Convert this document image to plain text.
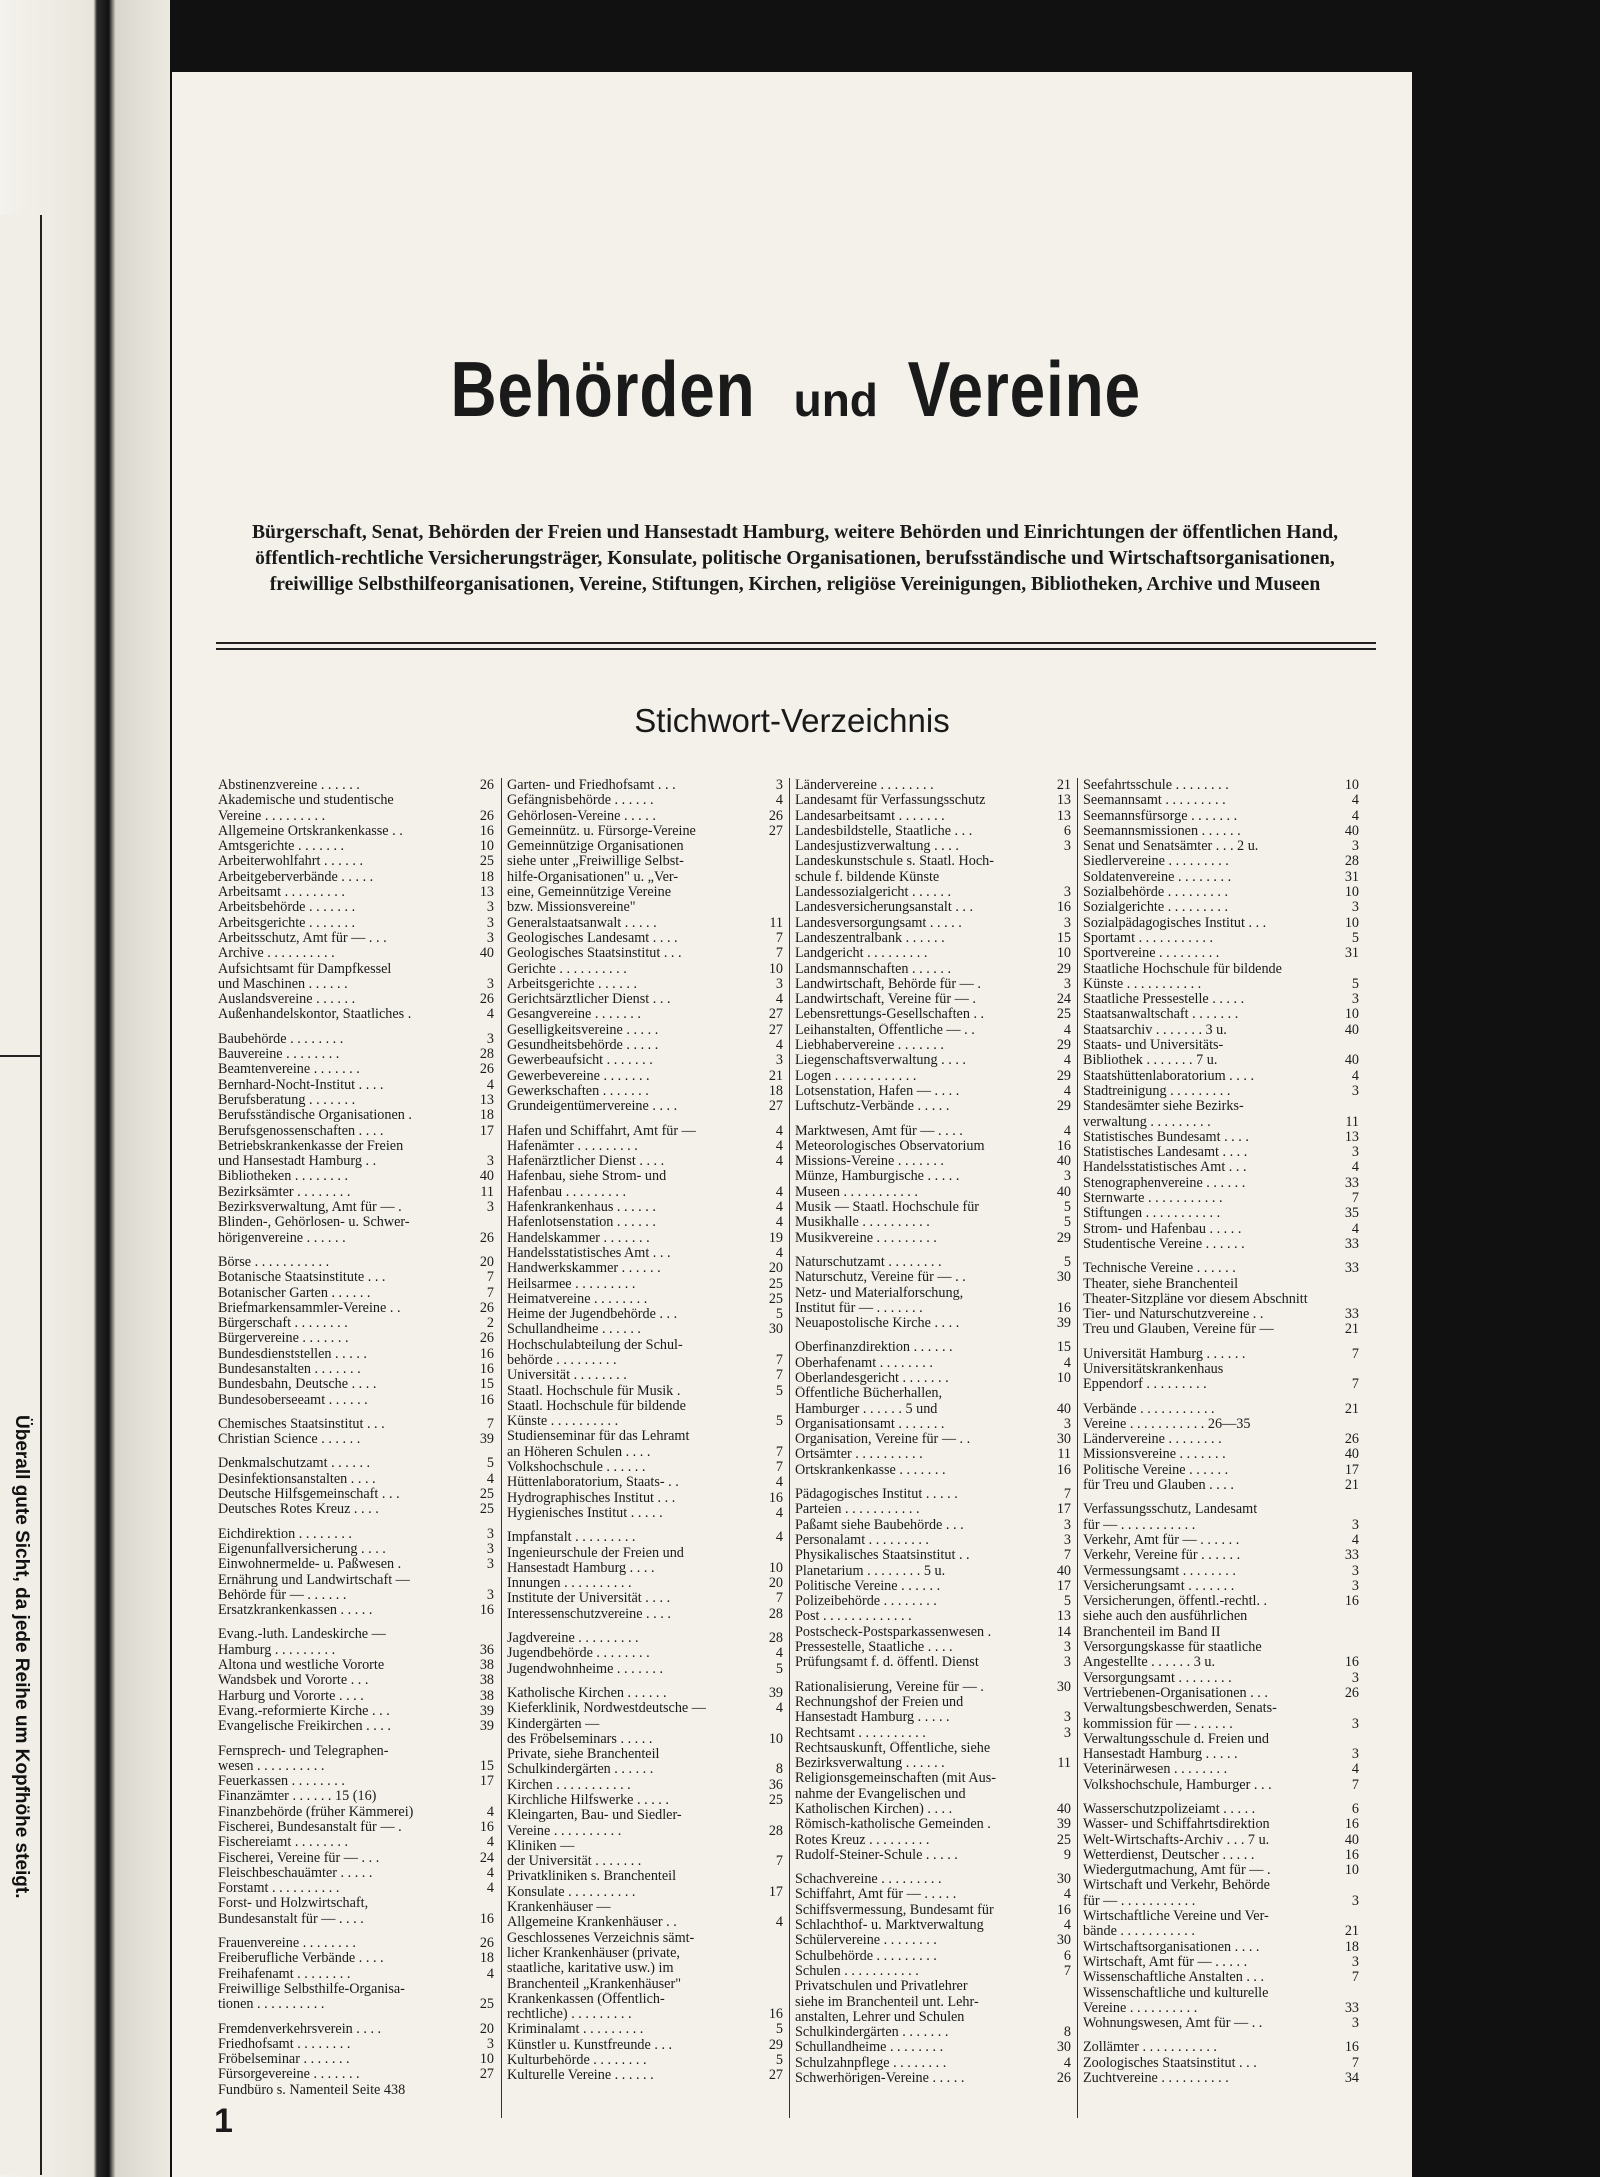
Überall gute Sicht, da jede Reihe um Kopfhöhe steigt.
Behörden und Vereine
Bürgerschaft, Senat, Behörden der Freien und Hansestadt Hamburg, weitere Behörden und Einrichtungen der öffentlichen Hand, öffentlich-rechtliche Versicherungsträger, Konsulate, politische Organisationen, berufsständische und Wirtschaftsorganisationen, freiwillige Selbsthilfeorganisationen, Vereine, Stiftungen, Kirchen, religiöse Vereinigungen, Bibliotheken, Archive und Museen
Stichwort-Verzeichnis
Abstinenzvereine . . . . . .	26
Akademische und studentische
Vereine . . . . . . . . .	26
Allgemeine Ortskrankenkasse . .	16
Amtsgerichte . . . . . . .	10
Arbeiterwohlfahrt . . . . . .	25
Arbeitgeberverbände . . . . .	18
Arbeitsamt . . . . . . . . .	13
Arbeitsbehörde . . . . . . .	3
Arbeitsgerichte . . . . . . .	3
Arbeitsschutz, Amt für — . . .	3
Archive . . . . . . . . . .	40
Aufsichtsamt für Dampfkessel
und Maschinen . . . . . .	3
Auslandsvereine . . . . . .	26
Außenhandelskontor, Staatliches .	4
Baubehörde . . . . . . . .	3
Bauvereine . . . . . . . .	28
Beamtenvereine . . . . . . .	26
Bernhard-Nocht-Institut . . . .	4
Berufsberatung . . . . . . .	13
Berufsständische Organisationen .	18
Berufsgenossenschaften . . . .	17
Betriebskrankenkasse der Freien
und Hansestadt Hamburg . .	3
Bibliotheken . . . . . . . .	40
Bezirksämter . . . . . . . .	11
Bezirksverwaltung, Amt für — .	3
Blinden-, Gehörlosen- u. Schwer-
hörigenvereine . . . . . .	26
Börse . . . . . . . . . . .	20
Botanische Staatsinstitute . . .	7
Botanischer Garten . . . . . .	7
Briefmarkensammler-Vereine . .	26
Bürgerschaft . . . . . . . .	2
Bürgervereine . . . . . . .	26
Bundesdienststellen . . . . .	16
Bundesanstalten . . . . . . .	16
Bundesbahn, Deutsche . . . .	15
Bundesoberseeamt . . . . . .	16
Chemisches Staatsinstitut . . .	7
Christian Science . . . . . .	39
Denkmalschutzamt . . . . . .	5
Desinfektionsanstalten . . . .	4
Deutsche Hilfsgemeinschaft . . .	25
Deutsches Rotes Kreuz . . . .	25
Eichdirektion . . . . . . . .	3
Eigenunfallversicherung . . . .	3
Einwohnermelde- u. Paßwesen .	3
Ernährung und Landwirtschaft —
Behörde für — . . . . . .	3
Ersatzkrankenkassen . . . . .	16
Evang.-luth. Landeskirche —
Hamburg . . . . . . . . .	36
Altona und westliche Vororte	38
Wandsbek und Vororte . . .	38
Harburg und Vororte . . . .	38
Evang.-reformierte Kirche . . .	39
Evangelische Freikirchen . . . .	39
Fernsprech- und Telegraphen-
wesen . . . . . . . . . .	15
Feuerkassen . . . . . . . .	17
Finanzämter . . . . . . 15 (16)
Finanzbehörde (früher Kämmerei)	4
Fischerei, Bundesanstalt für — .	16
Fischereiamt . . . . . . . .	4
Fischerei, Vereine für — . . .	24
Fleischbeschauämter . . . . .	4
Forstamt . . . . . . . . . .	4
Forst- und Holzwirtschaft,
Bundesanstalt für — . . . .	16
Frauenvereine . . . . . . . .	26
Freiberufliche Verbände . . . .	18
Freihafenamt . . . . . . . .	4
Freiwillige Selbsthilfe-Organisa-
tionen . . . . . . . . . .	25
Fremdenverkehrsverein . . . .	20
Friedhofsamt . . . . . . . .	3
Fröbelseminar . . . . . . .	10
Fürsorgevereine . . . . . . .	27
Fundbüro s. Namenteil Seite 438
Garten- und Friedhofsamt . . .	3
Gefängnisbehörde . . . . . .	4
Gehörlosen-Vereine . . . . .	26
Gemeinnütz. u. Fürsorge-Vereine	27
Gemeinnützige Organisationen
siehe unter „Freiwillige Selbst-
hilfe-Organisationen" u. „Ver-
eine, Gemeinnützige Vereine
bzw. Missionsvereine"
Generalstaatsanwalt . . . . .	11
Geologisches Landesamt . . . .	7
Geologisches Staatsinstitut . . .	7
Gerichte . . . . . . . . . .	10
Arbeitsgerichte . . . . . .	3
Gerichtsärztlicher Dienst . . .	4
Gesangvereine . . . . . . .	27
Geselligkeitsvereine . . . . .	27
Gesundheitsbehörde . . . . .	4
Gewerbeaufsicht . . . . . . .	3
Gewerbevereine . . . . . . .	21
Gewerkschaften . . . . . . .	18
Grundeigentümervereine . . . .	27
Hafen und Schiffahrt, Amt für —	4
Hafenämter . . . . . . . . .	4
Hafenärztlicher Dienst . . . .	4
Hafenbau, siehe Strom- und
Hafenbau . . . . . . . . .	4
Hafenkrankenhaus . . . . . .	4
Hafenlotsenstation . . . . . .	4
Handelskammer . . . . . . .	19
Handelsstatistisches Amt . . .	4
Handwerkskammer . . . . . .	20
Heilsarmee . . . . . . . . .	25
Heimatvereine . . . . . . . .	25
Heime der Jugendbehörde . . .	5
Schullandheime . . . . . .	30
Hochschulabteilung der Schul-
behörde . . . . . . . . .	7
Universität . . . . . . . .	7
Staatl. Hochschule für Musik .	5
Staatl. Hochschule für bildende
Künste . . . . . . . . . .	5
Studienseminar für das Lehramt
an Höheren Schulen . . . .	7
Volkshochschule . . . . . .	7
Hüttenlaboratorium, Staats- . .	4
Hydrographisches Institut . . .	16
Hygienisches Institut . . . . .	4
Impfanstalt . . . . . . . . .	4
Ingenieurschule der Freien und
Hansestadt Hamburg . . . .	10
Innungen . . . . . . . . . .	20
Institute der Universität . . . .	7
Interessenschutzvereine . . . .	28
Jagdvereine . . . . . . . . .	28
Jugendbehörde . . . . . . . .	4
Jugendwohnheime . . . . . . .	5
Katholische Kirchen . . . . . .	39
Kieferklinik, Nordwestdeutsche —	4
Kindergärten —
des Fröbelseminars . . . . .	10
Private, siehe Branchenteil
Schulkindergärten . . . . . .	8
Kirchen . . . . . . . . . . .	36
Kirchliche Hilfswerke . . . . .	25
Kleingarten, Bau- und Siedler-
Vereine . . . . . . . . . .	28
Kliniken —
der Universität . . . . . . .	7
Privatkliniken s. Branchenteil
Konsulate . . . . . . . . . .	17
Krankenhäuser —
Allgemeine Krankenhäuser . .	4
Geschlossenes Verzeichnis sämt-
licher Krankenhäuser (private,
staatliche, karitative usw.) im
Branchenteil „Krankenhäuser"
Krankenkassen (Öffentlich-
rechtliche) . . . . . . . . .	16
Kriminalamt . . . . . . . . .	5
Künstler u. Kunstfreunde . . .	29
Kulturbehörde . . . . . . . .	5
Kulturelle Vereine . . . . . .	27
Ländervereine . . . . . . . .	21
Landesamt für Verfassungsschutz	13
Landesarbeitsamt . . . . . . .	13
Landesbildstelle, Staatliche . . .	6
Landesjustizverwaltung . . . .	3
Landeskunstschule s. Staatl. Hoch-
schule f. bildende Künste
Landessozialgericht . . . . . .	3
Landesversicherungsanstalt . . .	16
Landesversorgungsamt . . . . .	3
Landeszentralbank . . . . . .	15
Landgericht . . . . . . . . .	10
Landsmannschaften . . . . . .	29
Landwirtschaft, Behörde für — .	3
Landwirtschaft, Vereine für — .	24
Lebensrettungs-Gesellschaften . .	25
Leihanstalten, Öffentliche — . .	4
Liebhabervereine . . . . . . .	29
Liegenschaftsverwaltung . . . .	4
Logen . . . . . . . . . . . .	29
Lotsenstation, Hafen — . . . .	4
Luftschutz-Verbände . . . . .	29
Marktwesen, Amt für — . . . .	4
Meteorologisches Observatorium	16
Missions-Vereine . . . . . . .	40
Münze, Hamburgische . . . . .	3
Museen . . . . . . . . . . .	40
Musik — Staatl. Hochschule für	5
Musikhalle . . . . . . . . . .	5
Musikvereine . . . . . . . . .	29
Naturschutzamt . . . . . . . .	5
Naturschutz, Vereine für — . .	30
Netz- und Materialforschung,
Institut für — . . . . . . .	16
Neuapostolische Kirche . . . .	39
Oberfinanzdirektion . . . . . .	15
Oberhafenamt . . . . . . . .	4
Oberlandesgericht . . . . . . .	10
Öffentliche Bücherhallen,
Hamburger . . . . . . 5 und	40
Organisationsamt . . . . . . .	3
Organisation, Vereine für — . .	30
Ortsämter . . . . . . . . . .	11
Ortskrankenkasse . . . . . . .	16
Pädagogisches Institut . . . . .	7
Parteien . . . . . . . . . . .	17
Paßamt siehe Baubehörde . . .	3
Personalamt . . . . . . . . .	3
Physikalisches Staatsinstitut . .	7
Planetarium . . . . . . . . 5 u.	40
Politische Vereine . . . . . .	17
Polizeibehörde . . . . . . . .	5
Post . . . . . . . . . . . . .	13
Postscheck-Postsparkassenwesen .	14
Pressestelle, Staatliche . . . .	3
Prüfungsamt f. d. öffentl. Dienst	3
Rationalisierung, Vereine für — .	30
Rechnungshof der Freien und
Hansestadt Hamburg . . . . .	3
Rechtsamt . . . . . . . . . .	3
Rechtsauskunft, Öffentliche, siehe
Bezirksverwaltung . . . . . .	11
Religionsgemeinschaften (mit Aus-
nahme der Evangelischen und
Katholischen Kirchen) . . . .	40
Römisch-katholische Gemeinden .	39
Rotes Kreuz . . . . . . . . .	25
Rudolf-Steiner-Schule . . . . .	9
Schachvereine . . . . . . . . .	30
Schiffahrt, Amt für — . . . . .	4
Schiffsvermessung, Bundesamt für	16
Schlachthof- u. Marktverwaltung	4
Schülervereine . . . . . . . .	30
Schulbehörde . . . . . . . . .	6
Schulen . . . . . . . . . . .	7
Privatschulen und Privatlehrer
siehe im Branchenteil unt. Lehr-
anstalten, Lehrer und Schulen
Schulkindergärten . . . . . . .	8
Schullandheime . . . . . . . .	30
Schulzahnpflege . . . . . . . .	4
Schwerhörigen-Vereine . . . . .	26
Seefahrtsschule . . . . . . . .	10
Seemannsamt . . . . . . . . .	4
Seemannsfürsorge . . . . . . .	4
Seemannsmissionen . . . . . .	40
Senat und Senatsämter . . . 2 u.	3
Siedlervereine . . . . . . . . .	28
Soldatenvereine . . . . . . . .	31
Sozialbehörde . . . . . . . . .	10
Sozialgerichte . . . . . . . . .	3
Sozialpädagogisches Institut . . .	10
Sportamt . . . . . . . . . . .	5
Sportvereine . . . . . . . . .	31
Staatliche Hochschule für bildende
Künste . . . . . . . . . . .	5
Staatliche Pressestelle . . . . .	3
Staatsanwaltschaft . . . . . . .	10
Staatsarchiv . . . . . . . 3 u.	40
Staats- und Universitäts-
Bibliothek . . . . . . . 7 u.	40
Staatshüttenlaboratorium . . . .	4
Stadtreinigung . . . . . . . . .	3
Standesämter siehe Bezirks-
verwaltung . . . . . . . . .	11
Statistisches Bundesamt . . . .	13
Statistisches Landesamt . . . .	3
Handelsstatistisches Amt . . .	4
Stenographenvereine . . . . . .	33
Sternwarte . . . . . . . . . . .	7
Stiftungen . . . . . . . . . . .	35
Strom- und Hafenbau . . . . .	4
Studentische Vereine . . . . . .	33
Technische Vereine . . . . . .	33
Theater, siehe Branchenteil
Theater-Sitzpläne vor diesem Abschnitt
Tier- und Naturschutzvereine . .	33
Treu und Glauben, Vereine für —	21
Universität Hamburg . . . . . .	7
Universitätskrankenhaus
Eppendorf . . . . . . . . .	7
Verbände . . . . . . . . . . .	21
Vereine . . . . . . . . . . . 26—35
Ländervereine . . . . . . . .	26
Missionsvereine . . . . . . .	40
Politische Vereine . . . . . .	17
für Treu und Glauben . . . .	21
Verfassungsschutz, Landesamt
für — . . . . . . . . . . .	3
Verkehr, Amt für — . . . . . .	4
Verkehr, Vereine für . . . . . .	33
Vermessungsamt . . . . . . . .	3
Versicherungsamt . . . . . . .	3
Versicherungen, öffentl.-rechtl. .	16
siehe auch den ausführlichen
Branchenteil im Band II
Versorgungskasse für staatliche
Angestellte . . . . . . 3 u.	16
Versorgungsamt . . . . . . . .	3
Vertriebenen-Organisationen . . .	26
Verwaltungsbeschwerden, Senats-
kommission für — . . . . . .	3
Verwaltungsschule d. Freien und
Hansestadt Hamburg . . . . .	3
Veterinärwesen . . . . . . . .	4
Volkshochschule, Hamburger . . .	7
Wasserschutzpolizeiamt . . . . .	6
Wasser- und Schiffahrtsdirektion	16
Welt-Wirtschafts-Archiv . . . 7 u.	40
Wetterdienst, Deutscher . . . . .	16
Wiedergutmachung, Amt für — .	10
Wirtschaft und Verkehr, Behörde
für — . . . . . . . . . . .	3
Wirtschaftliche Vereine und Ver-
bände . . . . . . . . . . .	21
Wirtschaftsorganisationen . . . .	18
Wirtschaft, Amt für — . . . . .	3
Wissenschaftliche Anstalten . . .	7
Wissenschaftliche und kulturelle
Vereine . . . . . . . . . .	33
Wohnungswesen, Amt für — . .	3
Zollämter . . . . . . . . . . .	16
Zoologisches Staatsinstitut . . .	7
Zuchtvereine . . . . . . . . . .	34
1
